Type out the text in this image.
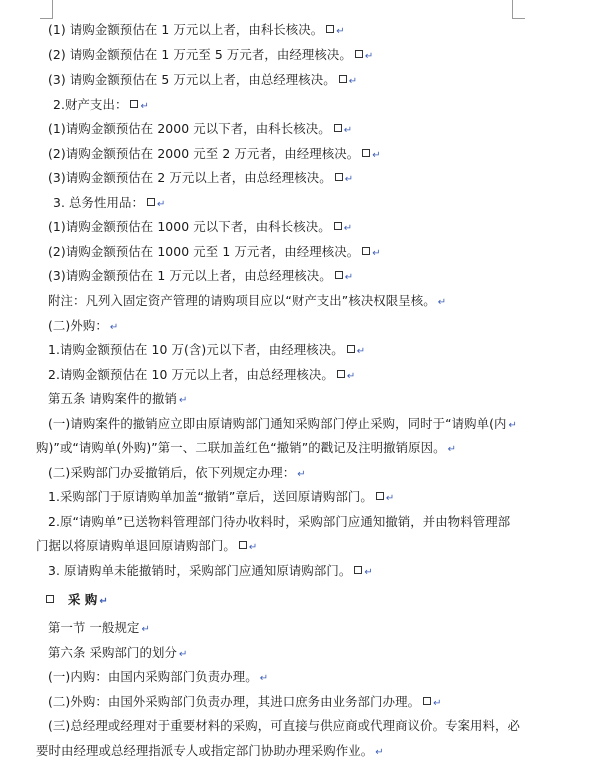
(1) 请购金额预估在 1 万元以上者，由科长核决。 ↵
(2) 请购金额预估在 1 万元至 5 万元者，由经理核决。 ↵
(3) 请购金额预估在 5 万元以上者，由总经理核决。 ↵
2.财产支出： ↵
(1)请购金额预估在 2000 元以下者，由科长核决。 ↵
(2)请购金额预估在 2000 元至 2 万元者，由经理核决。 ↵
(3)请购金额预估在 2 万元以上者，由总经理核决。 ↵
3. 总务性用品： ↵
(1)请购金额预估在 1000 元以下者，由科长核决。 ↵
(2)请购金额预估在 1000 元至 1 万元者，由经理核决。 ↵
(3)请购金额预估在 1 万元以上者，由总经理核决。 ↵
附注：凡列入固定资产管理的请购项目应以“财产支出”核决权限呈核。 ↵
(二)外购： ↵
1.请购金额预估在 10 万(含)元以下者，由经理核决。 ↵
2.请购金额预估在 10 万元以上者，由总经理核决。 ↵
第五条 请购案件的撤销 ↵
(一)请购案件的撤销应立即由原请购部门通知采购部门停止采购，同时于“请购单(内 ↵
购)”或“请购单(外购)”第一、二联加盖红色“撤销”的戳记及注明撤销原因。 ↵
(二)采购部门办妥撤销后，依下列规定办理： ↵
1.采购部门于原请购单加盖“撤销”章后，送回原请购部门。 ↵
2.原“请购单”已送物料管理部门待办收料时，采购部门应通知撤销，并由物料管理部
门据以将原请购单退回原请购部门。 ↵
3. 原请购单未能撤销时，采购部门应通知原请购部门。 ↵
采 购 ↵
第一节 一般规定 ↵
第六条 采购部门的划分 ↵
(一)内购：由国内采购部门负责办理。 ↵
(二)外购：由国外采购部门负责办理，其进口庶务由业务部门办理。 ↵
(三)总经理或经理对于重要材料的采购，可直接与供应商或代理商议价。专案用料，必
要时由经理或总经理指派专人或指定部门协助办理采购作业。 ↵
